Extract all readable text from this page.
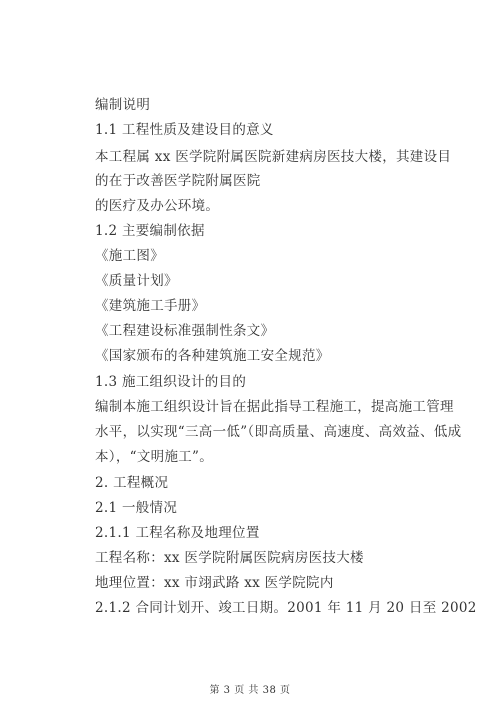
编制说明
1.1 工程性质及建设目的意义
本工程属 xx 医学院附属医院新建病房医技大楼，其建设目
的在于改善医学院附属医院
的医疗及办公环境。
1.2 主要编制依据
《施工图》
《质量计划》
《建筑施工手册》
《工程建设标准强制性条文》
《国家颁布的各种建筑施工安全规范》
1.3 施工组织设计的目的
编制本施工组织设计旨在据此指导工程施工，提高施工管理
水平，以实现“三高一低”（即高质量、高速度、高效益、低成
本），“文明施工”。
2. 工程概况
2.1 一般情况
2.1.1 工程名称及地理位置
工程名称：xx 医学院附属医院病房医技大楼
地理位置：xx 市翊武路 xx 医学院院内
2.1.2 合同计划开、竣工日期。2001 年 11 月 20 日至 2002
第 3 页 共 38 页
